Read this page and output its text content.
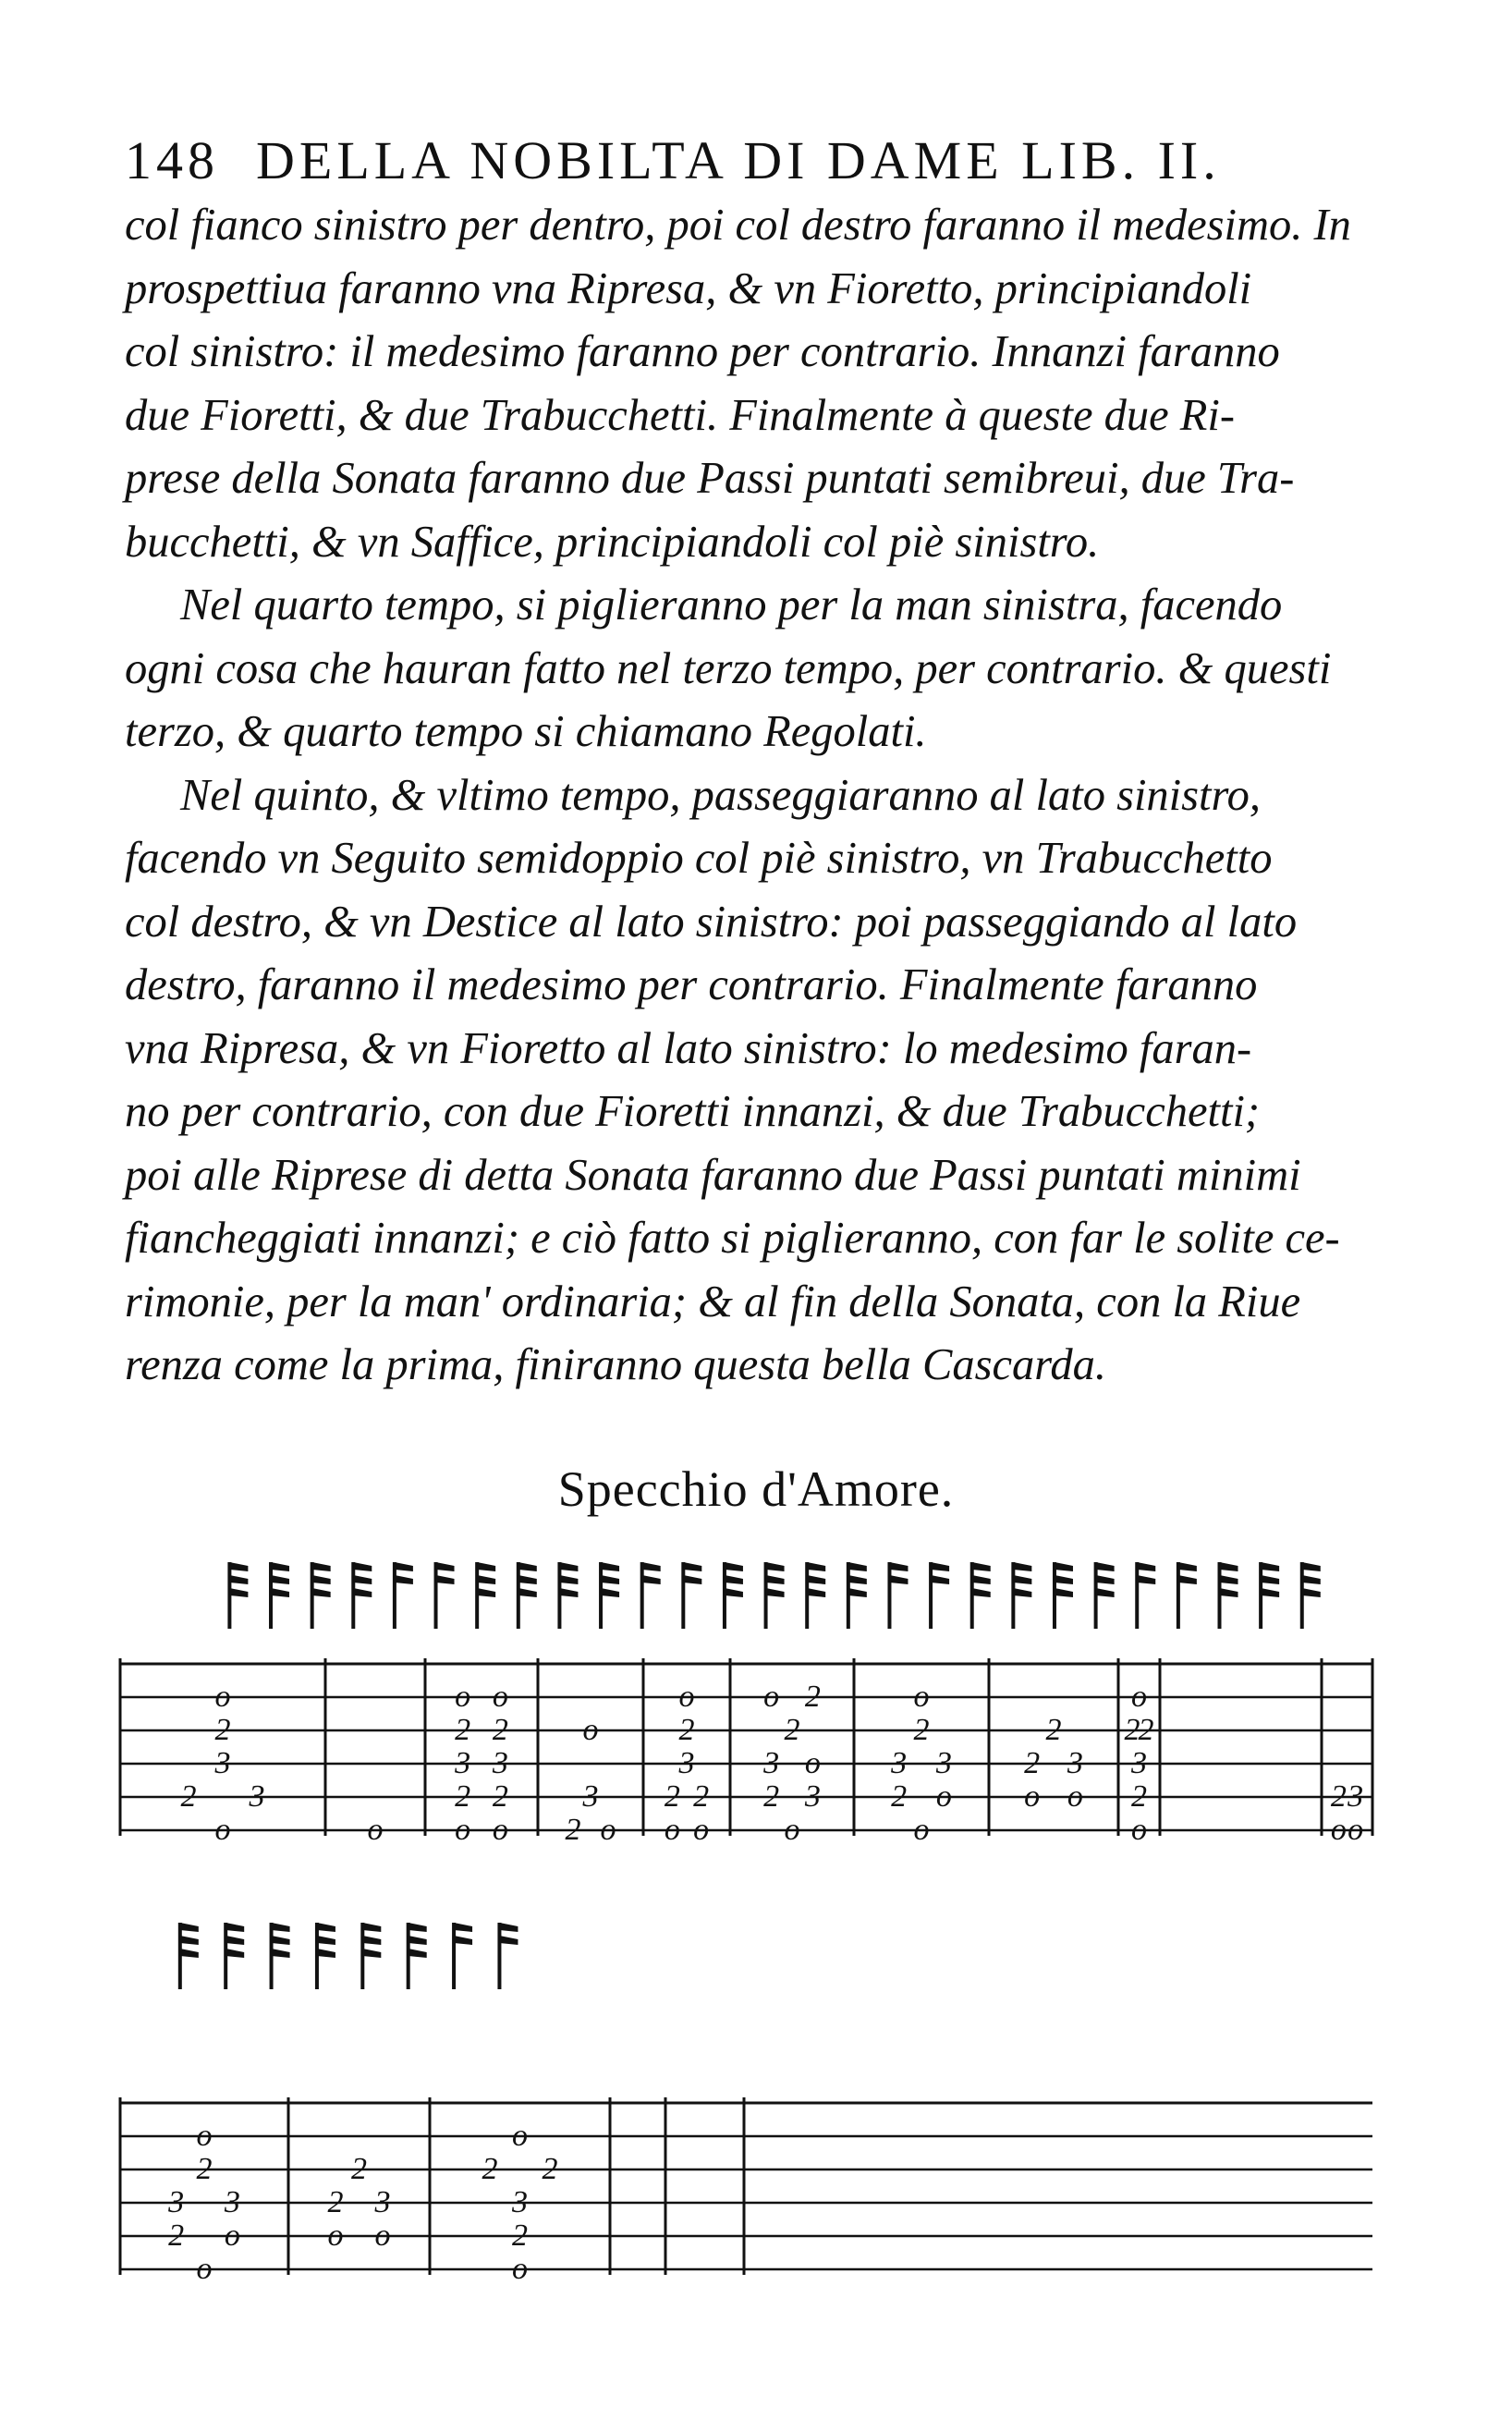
148 DELLA NOBILTA DI DAME LIB. II.
col fianco sinistro per dentro, poi col destro faranno il medesimo. In
prospettiua faranno vna Ripresa, & vn Fioretto, principiandoli
col sinistro: il medesimo faranno per contrario. Innanzi faranno
due Fioretti, & due Trabucchetti. Finalmente à queste due Ri-
prese della Sonata faranno due Passi puntati semibreui, due Tra-
bucchetti, & vn Saffice, principiandoli col piè sinistro.
Nel quarto tempo, si piglieranno per la man sinistra, facendo
ogni cosa che hauran fatto nel terzo tempo, per contrario. & questi
terzo, & quarto tempo si chiamano Regolati.
Nel quinto, & vltimo tempo, passeggiaranno al lato sinistro,
facendo vn Seguito semidoppio col piè sinistro, vn Trabucchetto
col destro, & vn Destice al lato sinistro: poi passeggiando al lato
destro, faranno il medesimo per contrario. Finalmente faranno
vna Ripresa, & vn Fioretto al lato sinistro: lo medesimo faran-
no per contrario, con due Fioretti innanzi, & due Trabucchetti;
poi alle Riprese di detta Sonata faranno due Passi puntati minimi
fiancheggiati innanzi; e ciò fatto si piglieranno, con far le solite ce-
rimonie, per la man' ordinaria; & al fin della Sonata, con la Riue
renza come la prima, finiranno questa bella Cascarda.
Specchio d'Amore.
o
2
3
2 3
o	o
o o
2 2
3 3
2 2
o o
o
3
2 o
o
2
3
2 2
o o
o 2
2
3 o
2 3
o
o
2
3 3
2 o
o
2
2 3
o o
o
2
2
3
2
o
2 3
o o
o
2
3 3
2 o
o
2
2 3
o o
o
2 2
3
2
o
